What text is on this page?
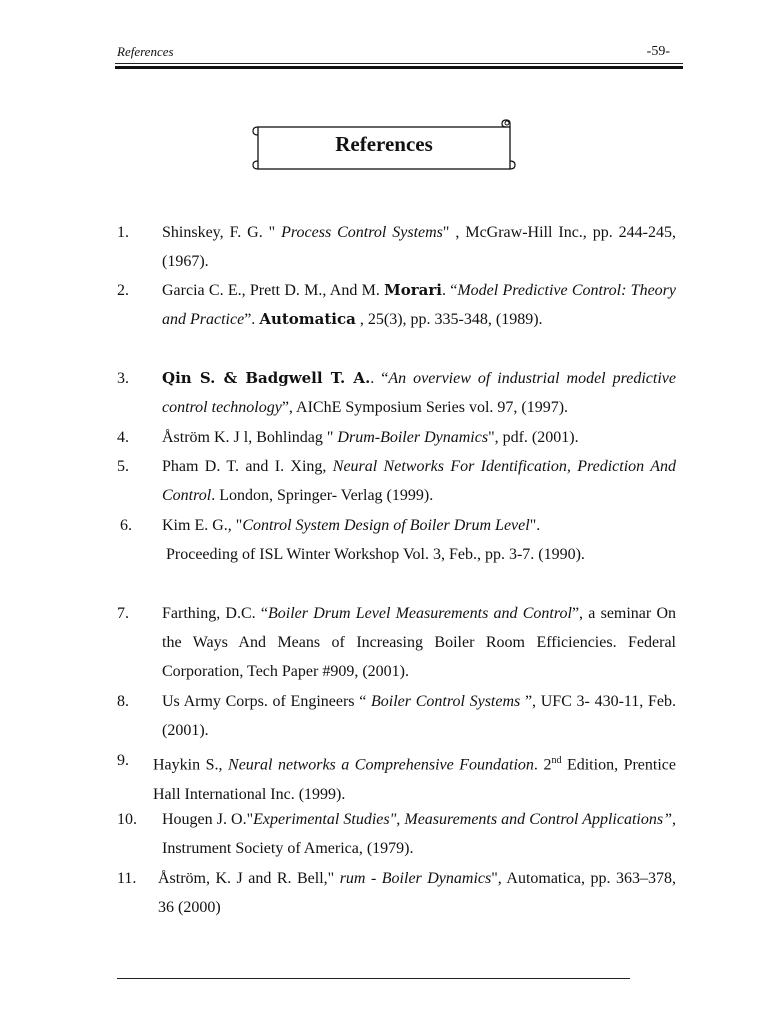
References	-59-
References
1. Shinskey, F. G. " Process Control Systems" , McGraw-Hill Inc., pp. 244-245, (1967).
2. Garcia C. E., Prett D. M., And M. Morari. “Model Predictive Control: Theory and Practice”. Automatica , 25(3), pp. 335-348, (1989).
3. Qin S. & Badgwell T. A.. “An overview of industrial model predictive control technology”, AIChE Symposium Series vol. 97, (1997).
4. Åström K. J l, Bohlindag " Drum-Boiler Dynamics", pdf. (2001).
5. Pham D. T. and I. Xing, Neural Networks For Identification, Prediction And Control. London, Springer- Verlag (1999).
6. Kim E. G., "Control System Design of Boiler Drum Level".
Proceeding of ISL Winter Workshop Vol. 3, Feb., pp. 3-7. (1990).
7. Farthing, D.C. “Boiler Drum Level Measurements and Control”, a seminar On the Ways And Means of Increasing Boiler Room Efficiencies. Federal Corporation, Tech Paper #909, (2001).
8. Us Army Corps. of Engineers “ Boiler Control Systems ”, UFC 3- 430-11, Feb. (2001).
9. Haykin S., Neural networks a Comprehensive Foundation. 2nd Edition, Prentice Hall International Inc. (1999).
10. Hougen J. O."Experimental Studies", Measurements and Control Applications”, Instrument Society of America, (1979).
11. Åström, K. J and R. Bell," rum - Boiler Dynamics", Automatica, pp. 363–378, 36 (2000)
